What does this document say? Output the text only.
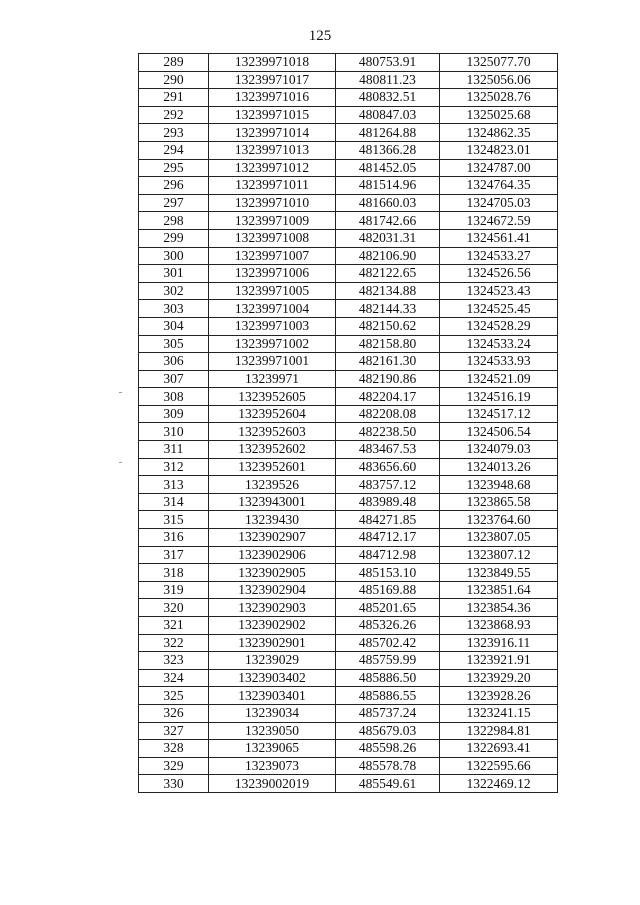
125
289	13239971018	480753.91	1325077.70
290	13239971017	480811.23	1325056.06
291	13239971016	480832.51	1325028.76
292	13239971015	480847.03	1325025.68
293	13239971014	481264.88	1324862.35
294	13239971013	481366.28	1324823.01
295	13239971012	481452.05	1324787.00
296	13239971011	481514.96	1324764.35
297	13239971010	481660.03	1324705.03
298	13239971009	481742.66	1324672.59
299	13239971008	482031.31	1324561.41
300	13239971007	482106.90	1324533.27
301	13239971006	482122.65	1324526.56
302	13239971005	482134.88	1324523.43
303	13239971004	482144.33	1324525.45
304	13239971003	482150.62	1324528.29
305	13239971002	482158.80	1324533.24
306	13239971001	482161.30	1324533.93
307	13239971	482190.86	1324521.09
308	1323952605	482204.17	1324516.19
309	1323952604	482208.08	1324517.12
310	1323952603	482238.50	1324506.54
311	1323952602	483467.53	1324079.03
312	1323952601	483656.60	1324013.26
313	13239526	483757.12	1323948.68
314	1323943001	483989.48	1323865.58
315	13239430	484271.85	1323764.60
316	1323902907	484712.17	1323807.05
317	1323902906	484712.98	1323807.12
318	1323902905	485153.10	1323849.55
319	1323902904	485169.88	1323851.64
320	1323902903	485201.65	1323854.36
321	1323902902	485326.26	1323868.93
322	1323902901	485702.42	1323916.11
323	13239029	485759.99	1323921.91
324	1323903402	485886.50	1323929.20
325	1323903401	485886.55	1323928.26
326	13239034	485737.24	1323241.15
327	13239050	485679.03	1322984.81
328	13239065	485598.26	1322693.41
329	13239073	485578.78	1322595.66
330	13239002019	485549.61	1322469.12
